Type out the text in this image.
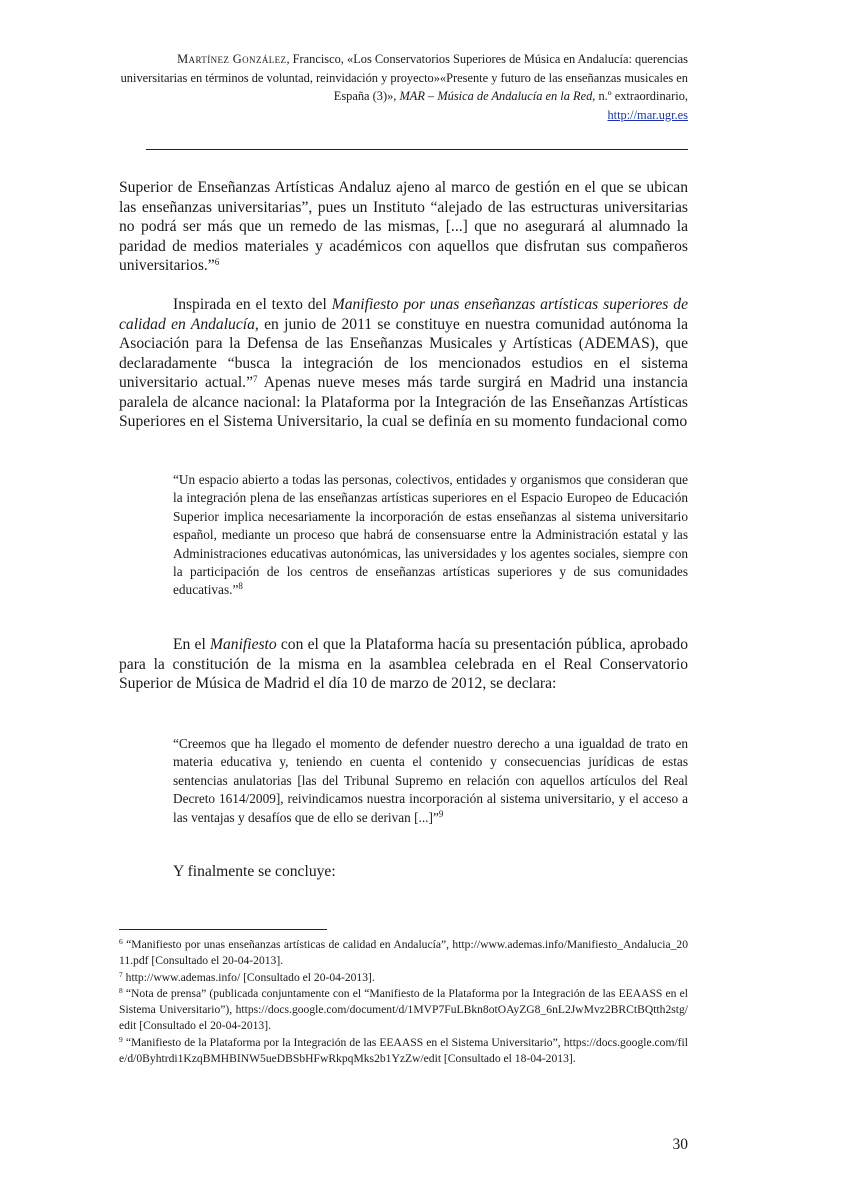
Martínez González, Francisco, «Los Conservatorios Superiores de Música en Andalucía: querencias universitarias en términos de voluntad, reinvidación y proyecto»«Presente y futuro de las enseñanzas musicales en España (3)», MAR – Música de Andalucía en la Red, n.º extraordinario,
http://mar.ugr.es

Superior de Enseñanzas Artísticas Andaluz ajeno al marco de gestión en el que se ubican las enseñanzas universitarias”, pues un Instituto “alejado de las estructuras universitarias no podrá ser más que un remedo de las mismas, [...] que no asegurará al alumnado la paridad de medios materiales y académicos con aquellos que disfrutan sus compañeros universitarios.”$^6$

Inspirada en el texto del Manifiesto por unas enseñanzas artísticas superiores de calidad en Andalucía, en junio de 2011 se constituye en nuestra comunidad autónoma la Asociación para la Defensa de las Enseñanzas Musicales y Artísticas (ADEMAS), que declaradamente “busca la integración de los mencionados estudios en el sistema universitario actual.”$^7$ Apenas nueve meses más tarde surgirá en Madrid una instancia paralela de alcance nacional: la Plataforma por la Integración de las Enseñanzas Artísticas Superiores en el Sistema Universitario, la cual se definía en su momento fundacional como

“Un espacio abierto a todas las personas, colectivos, entidades y organismos que consideran que la integración plena de las enseñanzas artísticas superiores en el Espacio Europeo de Educación Superior implica necesariamente la incorporación de estas enseñanzas al sistema universitario español, mediante un proceso que habrá de consensuarse entre la Administración estatal y las Administraciones educativas autonómicas, las universidades y los agentes sociales, siempre con la participación de los centros de enseñanzas artísticas superiores y de sus comunidades educativas.”$^8$

En el Manifiesto con el que la Plataforma hacía su presentación pública, aprobado para la constitución de la misma en la asamblea celebrada en el Real Conservatorio Superior de Música de Madrid el día 10 de marzo de 2012, se declara:

“Creemos que ha llegado el momento de defender nuestro derecho a una igualdad de trato en materia educativa y, teniendo en cuenta el contenido y consecuencias jurídicas de estas sentencias anulatorias [las del Tribunal Supremo en relación con aquellos artículos del Real Decreto 1614/2009], reivindicamos nuestra incorporación al sistema universitario, y el acceso a las ventajas y desafíos que de ello se derivan [...]”$^9$

Y finalmente se concluye:

$^6$ “Manifiesto por unas enseñanzas artísticas de calidad en Andalucía”, http://www.ademas.info/Manifiesto_Andalucia_2011.pdf [Consultado el 20-04-2013].

$^7$ http://www.ademas.info/ [Consultado el 20-04-2013].

$^8$ “Nota de prensa” (publicada conjuntamente con el “Manifiesto de la Plataforma por la Integración de las EEAASS en el Sistema Universitario”), https://docs.google.com/document/d/1MVP7FuLBkn8otOAyZG8_6nL2JwMvz2BRCtBQtth2stg/edit [Consultado el 20-04-2013].

$^9$ “Manifiesto de la Plataforma por la Integración de las EEAASS en el Sistema Universitario”, https://docs.google.com/file/d/0Byhtrdi1KzqBMHBINW5ueDBSbHFwRkpqMks2b1YzZw/edit [Consultado el 18-04-2013].

30
